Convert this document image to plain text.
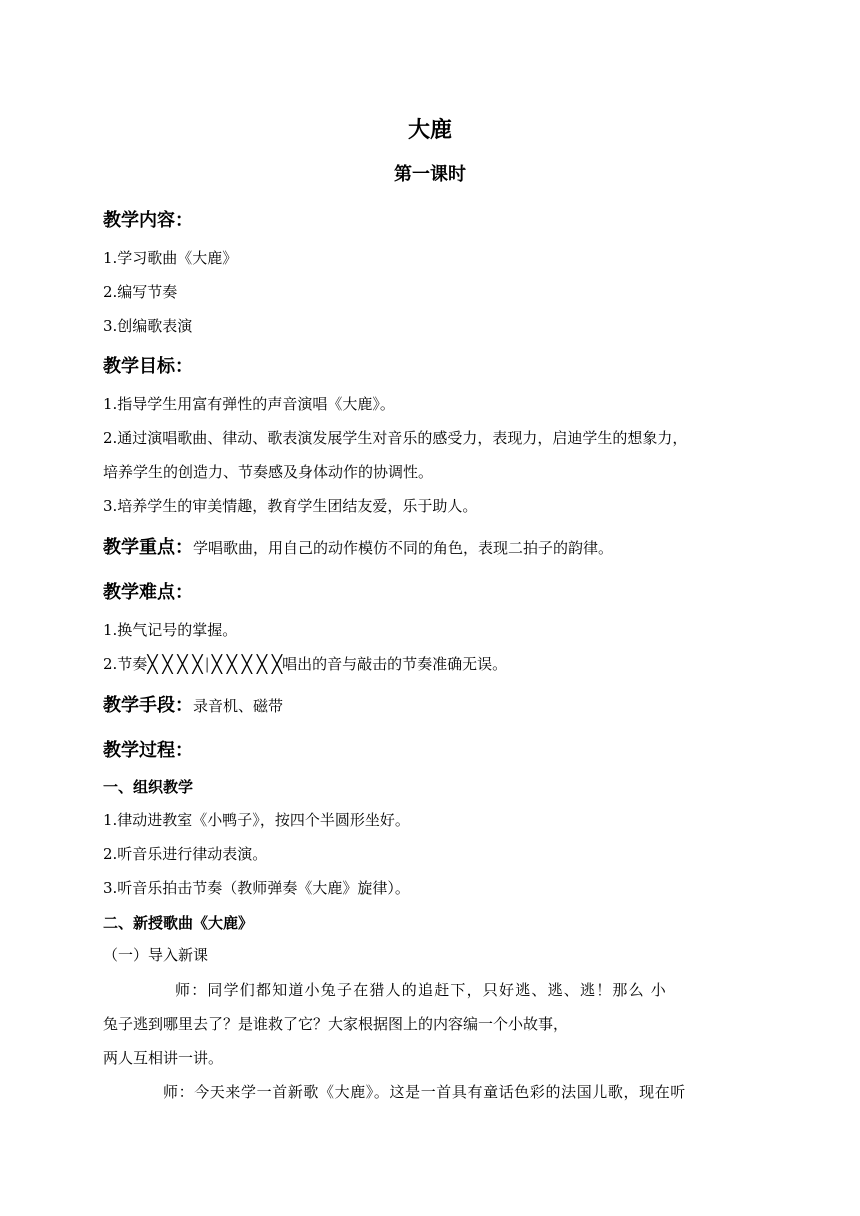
大鹿
第一课时
教学内容：
1.学习歌曲《大鹿》
2.编写节奏
3.创编歌表演
教学目标：
1.指导学生用富有弹性的声音演唱《大鹿》。
2.通过演唱歌曲、律动、歌表演发展学生对音乐的感受力，表现力，启迪学生的想象力，
培养学生的创造力、节奏感及身体动作的协调性。
3.培养学生的审美情趣，教育学生团结友爱，乐于助人。
教学重点：学唱歌曲，用自己的动作模仿不同的角色，表现二拍子的韵律。
教学难点：
1.换气记号的掌握。
2.节奏╳ ╳ ╳ ╳ | ╳ ╳ ╳ ╳ ╳唱出的音与敲击的节奏准确无误。
教学手段：录音机、磁带
教学过程：
一、组织教学
1.律动进教室《小鸭子》，按四个半圆形坐好。
2.听音乐进行律动表演。
3.听音乐拍击节奏（教师弹奏《大鹿》旋律）。
二、新授歌曲《大鹿》
（一）导入新课
师：同学们都知道小兔子在猎人的追赶下，只好逃、逃、逃！那么 小
兔子逃到哪里去了？是谁救了它？大家根据图上的内容编一个小故事，
两人互相讲一讲。
师：今天来学一首新歌《大鹿》。这是一首具有童话色彩的法国儿歌，现在听
